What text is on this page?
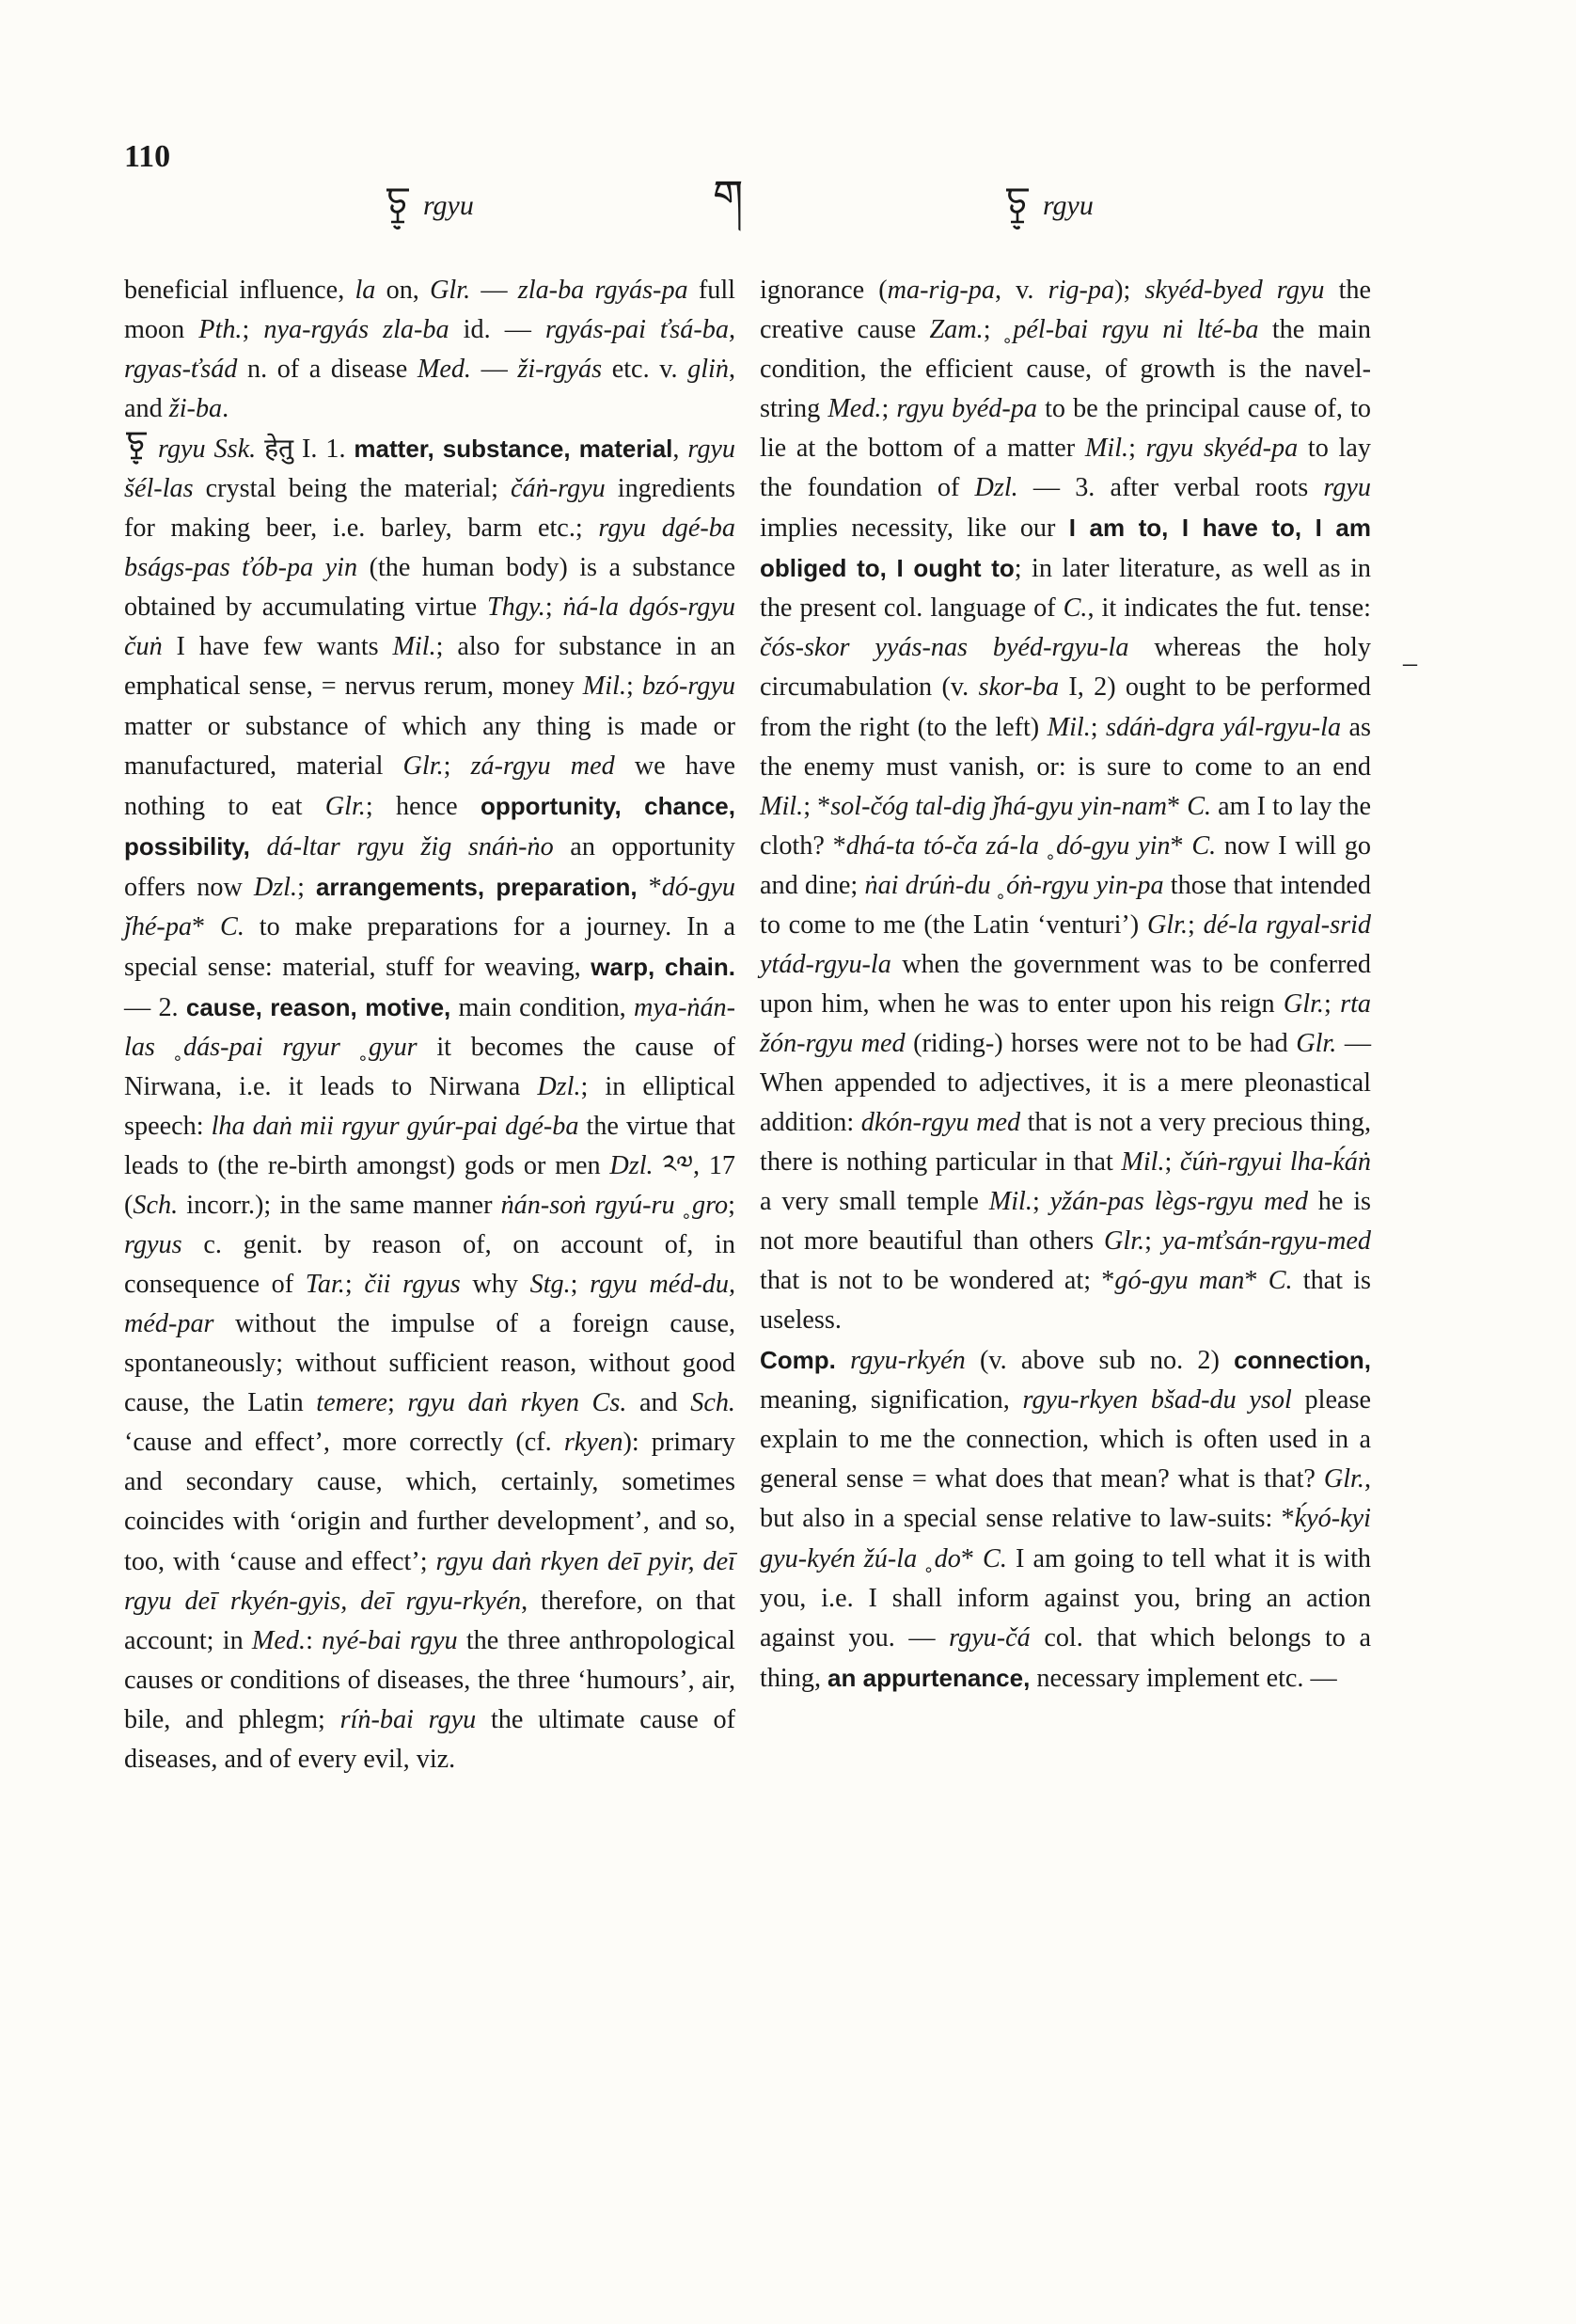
110
ག
rgyu	rgyu

beneficial influence, la on, Glr. — zla-ba rgyás-pa full moon Pth.; nya-rgyás zla-ba id. — rgyás-pai ťsá-ba, rgyas-ťsád n. of a disease Med. — ži-rgyás etc. v. gliṅ, and ži-ba.

rgyu Ssk. हेतु I. 1. matter, substance, material, rgyu šél-las crystal being the material; čáṅ-rgyu ingredients for making beer, i.e. barley, barm etc.; rgyu dgé-ba bságs-pas ťób-pa yin (the human body) is a substance obtained by accumulating virtue Thgy.; ṅá-la dgós-rgyu čuṅ I have few wants Mil.; also for substance in an emphatical sense, = nervus rerum, money Mil.; bzó-rgyu matter or substance of which any thing is made or manufactured, material Glr.; zá-rgyu med we have nothing to eat Glr.; hence opportunity, chance, possibility, dá-ltar rgyu žig snáṅ-ṅo an opportunity offers now Dzl.; arrangements, preparation, *dó-gyu ǰhé-pa* C. to make preparations for a journey. In a special sense: material, stuff for weaving, warp, chain. — 2. cause, reason, motive, main condition, mya-ṅán-las ˳dás-pai rgyur ˳gyur it becomes the cause of Nirwana, i.e. it leads to Nirwana Dzl.; in elliptical speech: lha daṅ mii rgyur gyúr-pai dgé-ba the virtue that leads to (the re-birth amongst) gods or men Dzl. ༢༧, 17 (Sch. incorr.); in the same manner ṅán-soṅ rgyú-ru ˳gro; rgyus c. genit. by reason of, on account of, in consequence of Tar.; čii rgyus why Stg.; rgyu méd-du, méd-par without the impulse of a foreign cause, spontaneously; without sufficient reason, without good cause, the Latin temere; rgyu daṅ rkyen Cs. and Sch. ‘cause and effect’, more correctly (cf. rkyen): primary and secondary cause, which, certainly, sometimes coincides with ‘origin and further development’, and so, too, with ‘cause and effect’; rgyu daṅ rkyen deī pyir, deī rgyu deī rkyén-gyis, deī rgyu-rkyén, therefore, on that account; in Med.: nyé-bai rgyu the three anthropological causes or conditions of diseases, the three ‘humours’, air, bile, and phlegm; ríṅ-bai rgyu the ultimate cause of diseases, and of every evil, viz.

–

ignorance (ma-rig-pa, v. rig-pa); skyéd-byed rgyu the creative cause Zam.; ˳pél-bai rgyu ni lté-ba the main condition, the efficient cause, of growth is the navel-string Med.; rgyu byéd-pa to be the principal cause of, to lie at the bottom of a matter Mil.; rgyu skyéd-pa to lay the foundation of Dzl. — 3. after verbal roots rgyu implies necessity, like our I am to, I have to, I am obliged to, I ought to; in later literature, as well as in the present col. language of C., it indicates the fut. tense: čós-skor yyás-nas byéd-rgyu-la whereas the holy circumabulation (v. skor-ba I, 2) ought to be performed from the right (to the left) Mil.; sdáṅ-dgra yál-rgyu-la as the enemy must vanish, or: is sure to come to an end Mil.; *sol-čóg tal-dig ǰhá-gyu yin-nam* C. am I to lay the cloth? *dhá-ta tó-ča zá-la ˳dó-gyu yin* C. now I will go and dine; ṅai drúṅ-du ˳óṅ-rgyu yin-pa those that intended to come to me (the Latin ‘venturi’) Glr.; dé-la rgyal-srid ytád-rgyu-la when the government was to be conferred upon him, when he was to enter upon his reign Glr.; rta žón-rgyu med (riding-) horses were not to be had Glr. — When appended to adjectives, it is a mere pleonastical addition: dkón-rgyu med that is not a very precious thing, there is nothing particular in that Mil.; čúṅ-rgyui lha-ḱáṅ a very small temple Mil.; yžán-pas lègs-rgyu med he is not more beautiful than others Glr.; ya-mťsán-rgyu-med that is not to be wondered at; *gó-gyu man* C. that is useless.

Comp. rgyu-rkyén (v. above sub no. 2) connection, meaning, signification, rgyu-rkyen bšad-du ysol please explain to me the connection, which is often used in a general sense = what does that mean? what is that? Glr., but also in a special sense relative to law-suits: *ḱyó-kyi gyu-kyén žú-la ˳do* C. I am going to tell what it is with you, i.e. I shall inform against you, bring an action against you. — rgyu-čá col. that which belongs to a thing, an appurtenance, necessary implement etc. —
